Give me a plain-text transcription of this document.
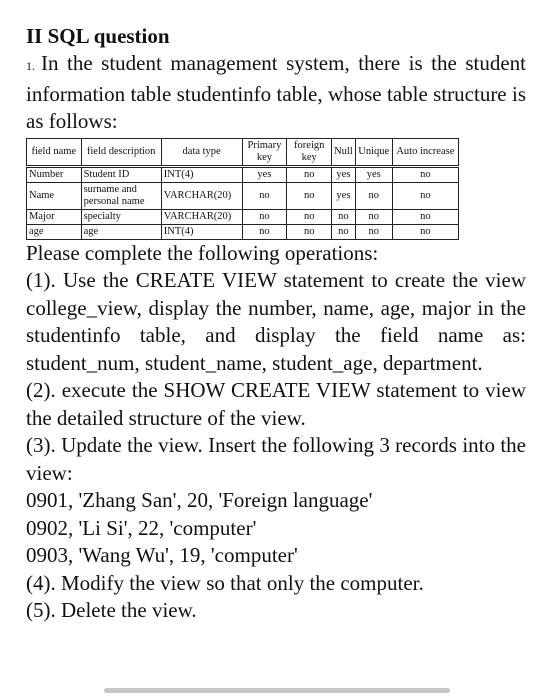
II SQL question

1. In the student management system, there is the student information table studentinfo table, whose table structure is as follows:

field name	field description	data type	Primary key	foreign key	Null	Unique	Auto increase
Number	Student ID	INT(4)	yes	no	yes	yes	no
Name	surname and personal name	VARCHAR(20)	no	no	yes	no	no
Major	specialty	VARCHAR(20)	no	no	no	no	no
age	age	INT(4)	no	no	no	no	no

Please complete the following operations:

(1). Use the CREATE VIEW statement to create the view college_view, display the number, name, age, major in the studentinfo table, and display the field name as: student_num, student_name, student_age, department.

(2). execute the SHOW CREATE VIEW statement to view the detailed structure of the view.

(3). Update the view. Insert the following 3 records into the view:

0901, 'Zhang San', 20, 'Foreign language'

0902, 'Li Si', 22, 'computer'

0903, 'Wang Wu', 19, 'computer'

(4). Modify the view so that only the computer.

(5). Delete the view.
